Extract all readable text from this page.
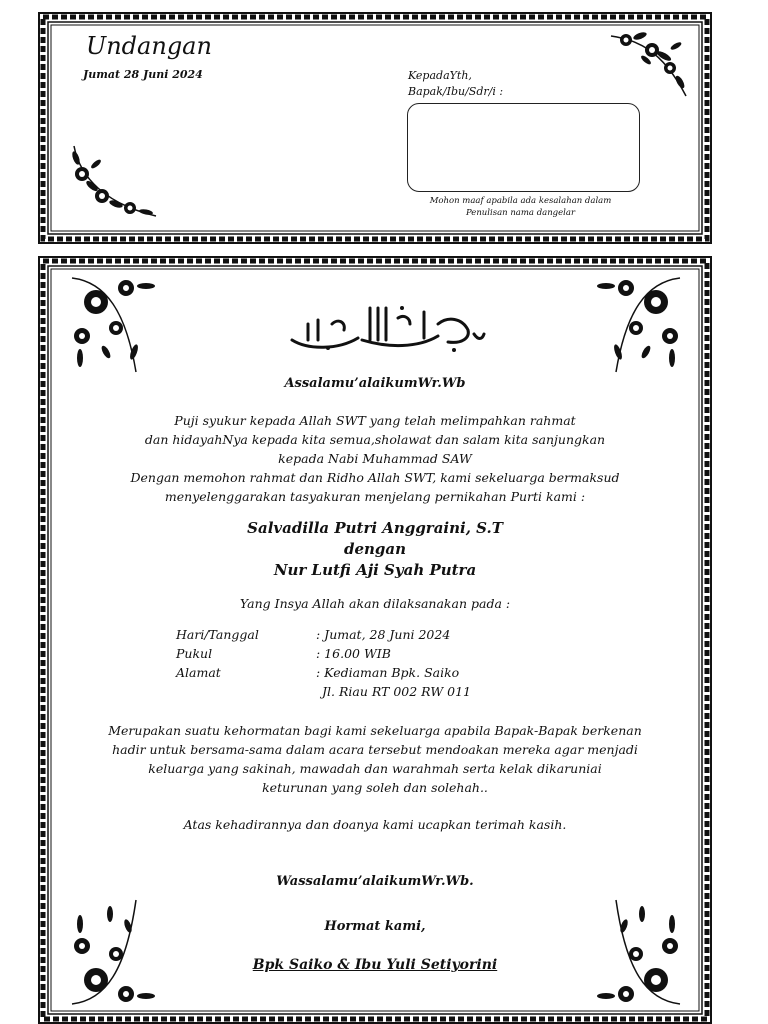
Undangan
Jumat 28 Juni 2024	KepadaYth,
Bapak/Ibu/Sdr/i :
Mohon maaf apabila ada kesalahan dalam
Penulisan nama dangelar
Assalamu’alaikumWr.Wb
Puji syukur kepada Allah SWT yang telah melimpahkan rahmat
dan hidayahNya kepada kita semua,sholawat dan salam kita sanjungkan
kepada Nabi Muhammad SAW
Dengan memohon rahmat dan Ridho Allah SWT, kami sekeluarga bermaksud
menyelenggarakan tasyakuran menjelang pernikahan Purti kami :
Salvadilla Putri Anggraini, S.T
dengan
Nur Lutfi Aji Syah Putra
Yang Insya Allah akan dilaksanakan pada :
Hari/Tanggal	: Jumat, 28 Juni 2024
Pukul	: 16.00 WIB
Alamat	: Kediaman Bpk. Saiko
Jl. Riau RT 002 RW 011
Merupakan suatu kehormatan bagi kami sekeluarga apabila Bapak-Bapak berkenan
hadir untuk bersama-sama dalam acara tersebut mendoakan mereka agar menjadi
keluarga yang sakinah, mawadah dan warahmah serta kelak dikaruniai
keturunan yang soleh dan solehah..
Atas kehadirannya dan doanya kami ucapkan terimah kasih.
Wassalamu’alaikumWr.Wb.
Hormat kami,
Bpk Saiko & Ibu Yuli Setiyorini
